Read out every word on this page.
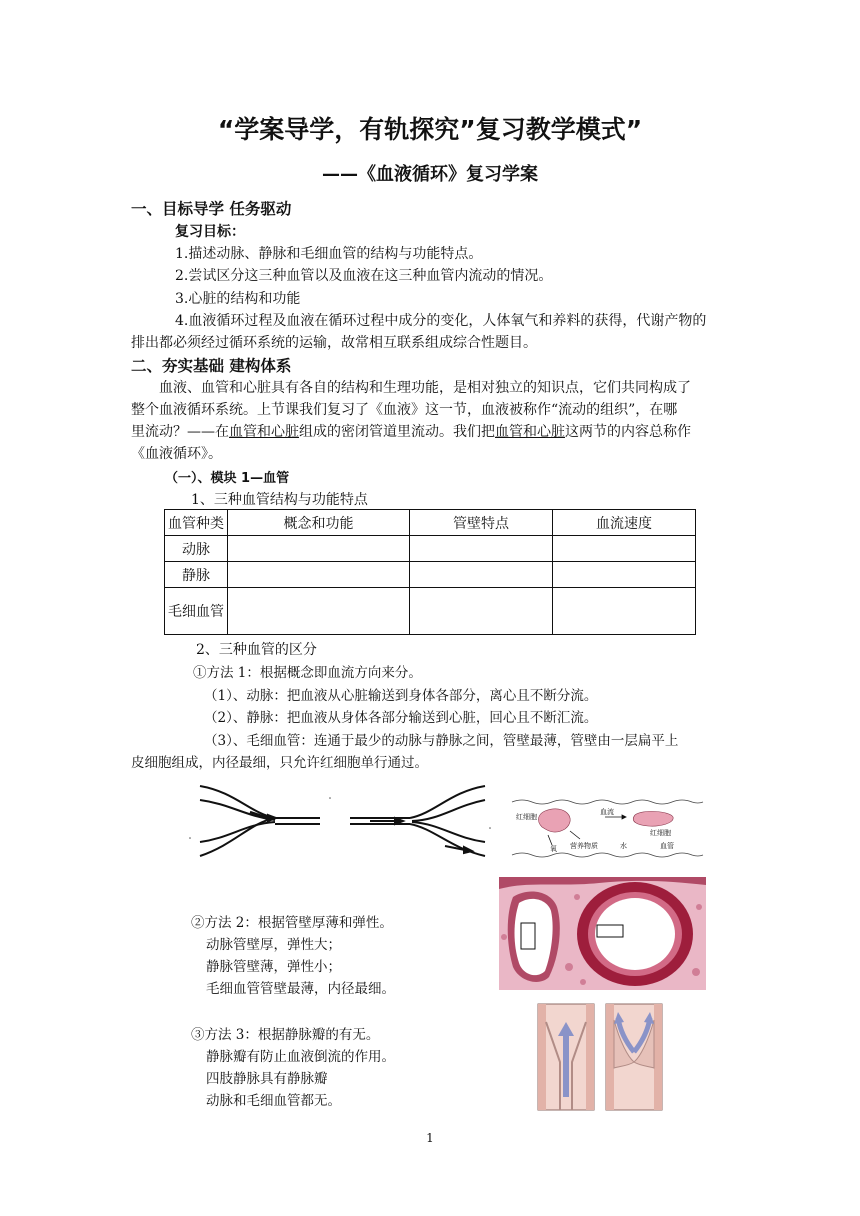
“学案导学，有轨探究”复习教学模式”
——《血液循环》复习学案
一、目标导学 任务驱动
复习目标：
1.描述动脉、静脉和毛细血管的结构与功能特点。
2.尝试区分这三种血管以及血液在这三种血管内流动的情况。
3.心脏的结构和功能
4.血液循环过程及血液在循环过程中成分的变化，人体氧气和养料的获得，代谢产物的
排出都必须经过循环系统的运输，故常相互联系组成综合性题目。
二、夯实基础 建构体系
血液、血管和心脏具有各自的结构和生理功能，是相对独立的知识点，它们共同构成了
整个血液循环系统。上节课我们复习了《血液》这一节，血液被称作“流动的组织”，在哪
里流动？——在血管和心脏组成的密闭管道里流动。我们把血管和心脏这两节的内容总称作
《血液循环》。
（一）、模块 1—血管
1、三种血管结构与功能特点
血管种类	概念和功能	管壁特点	血流速度
动脉			
静脉			
毛细血管			
2、三种血管的区分
①方法 1：根据概念即血流方向来分。
（1）、动脉：把血液从心脏输送到身体各部分，离心且不断分流。
（2）、静脉：把血液从身体各部分输送到心脏，回心且不断汇流。
（3）、毛细血管：连通于最少的动脉与静脉之间，管壁最薄，管壁由一层扁平上
皮细胞组成，内径最细，只允许红细胞单行通过。
红细胞
血流
红细胞
氧 营养物质	水	血管
②方法 2：根据管壁厚薄和弹性。
动脉管壁厚，弹性大；
静脉管壁薄，弹性小；
毛细血管管壁最薄，内径最细。
③方法 3：根据静脉瓣的有无。
静脉瓣有防止血液倒流的作用。
四肢静脉具有静脉瓣
动脉和毛细血管都无。
1
